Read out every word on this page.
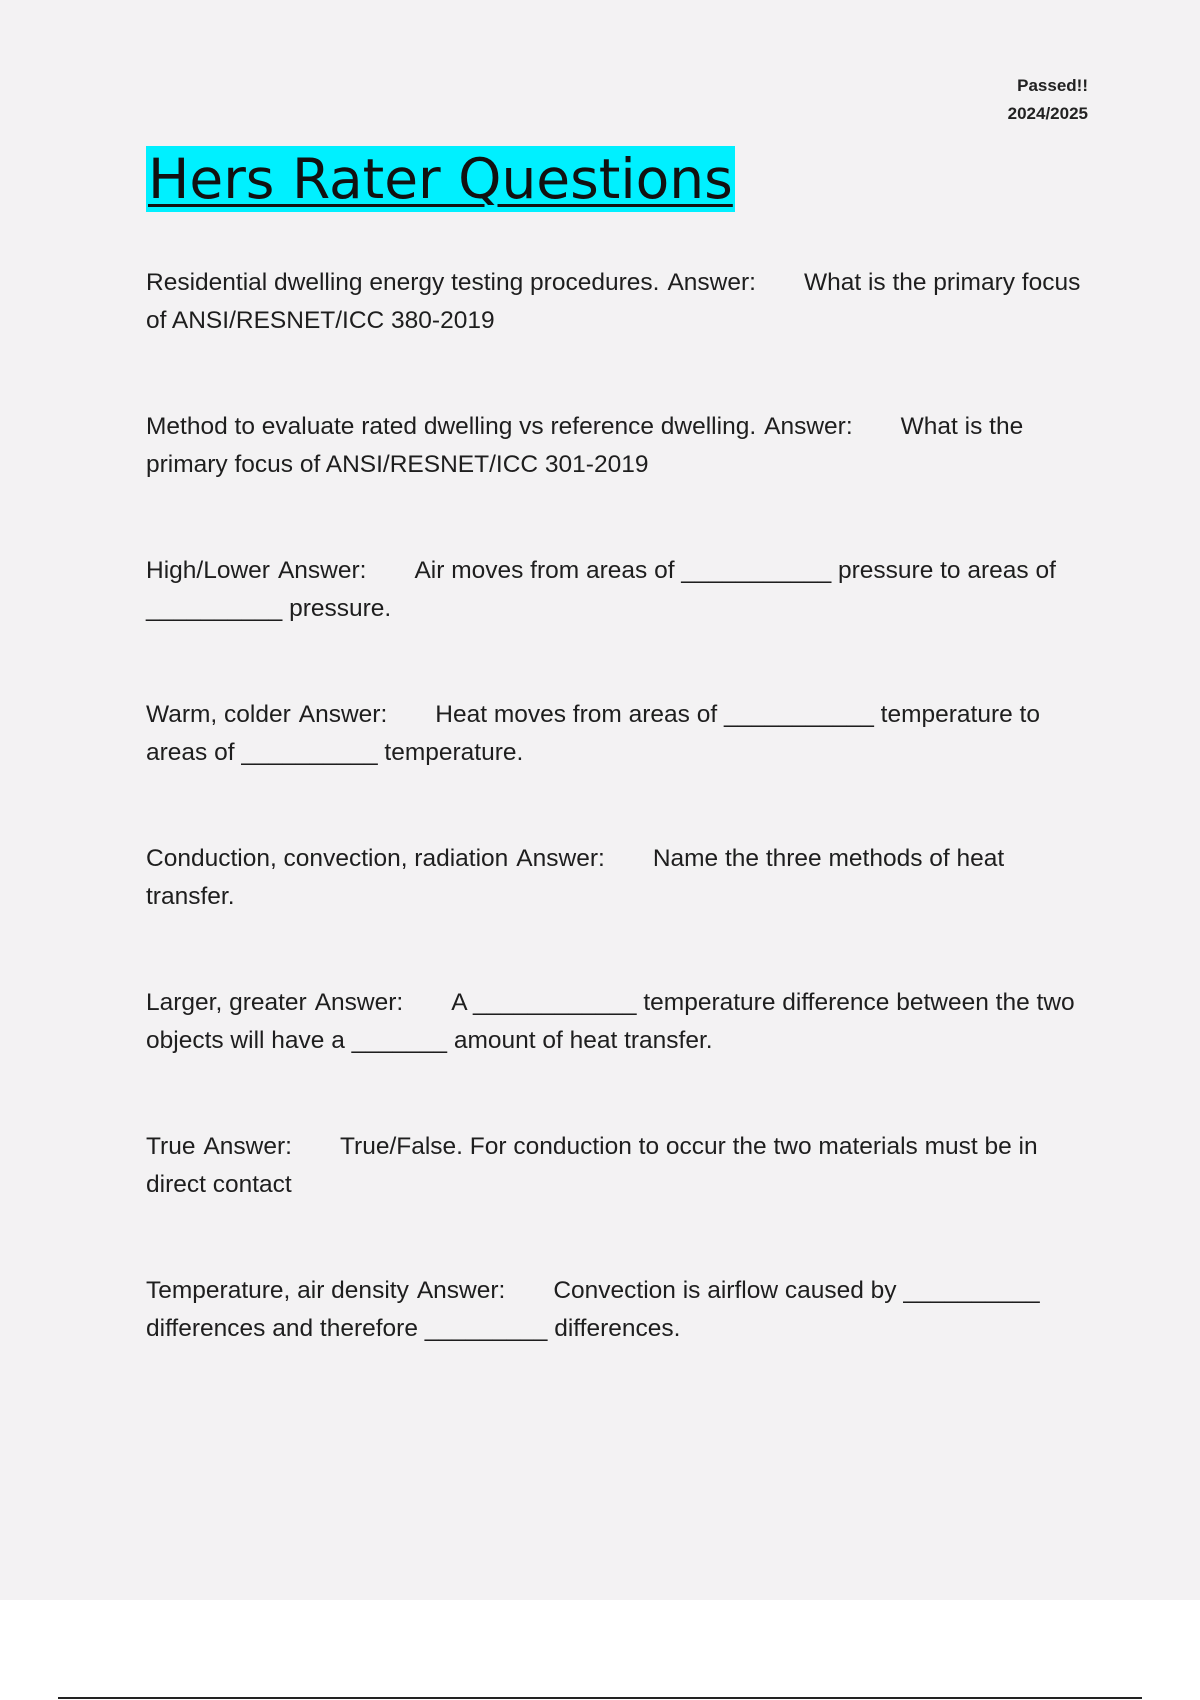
Passed!!
2024/2025
Hers Rater Questions
Residential dwelling energy testing procedures. Answer: What is the primary focus of ANSI/RESNET/ICC 380-2019
Method to evaluate rated dwelling vs reference dwelling. Answer: What is the primary focus of ANSI/RESNET/ICC 301-2019
High/Lower Answer: Air moves from areas of ___________ pressure to areas of __________ pressure.
Warm, colder Answer: Heat moves from areas of ___________ temperature to areas of __________ temperature.
Conduction, convection, radiation Answer: Name the three methods of heat transfer.
Larger, greater Answer: A ____________ temperature difference between the two objects will have a _______ amount of heat transfer.
True Answer: True/False. For conduction to occur the two materials must be in direct contact
Temperature, air density Answer: Convection is airflow caused by __________ differences and therefore _________ differences.
